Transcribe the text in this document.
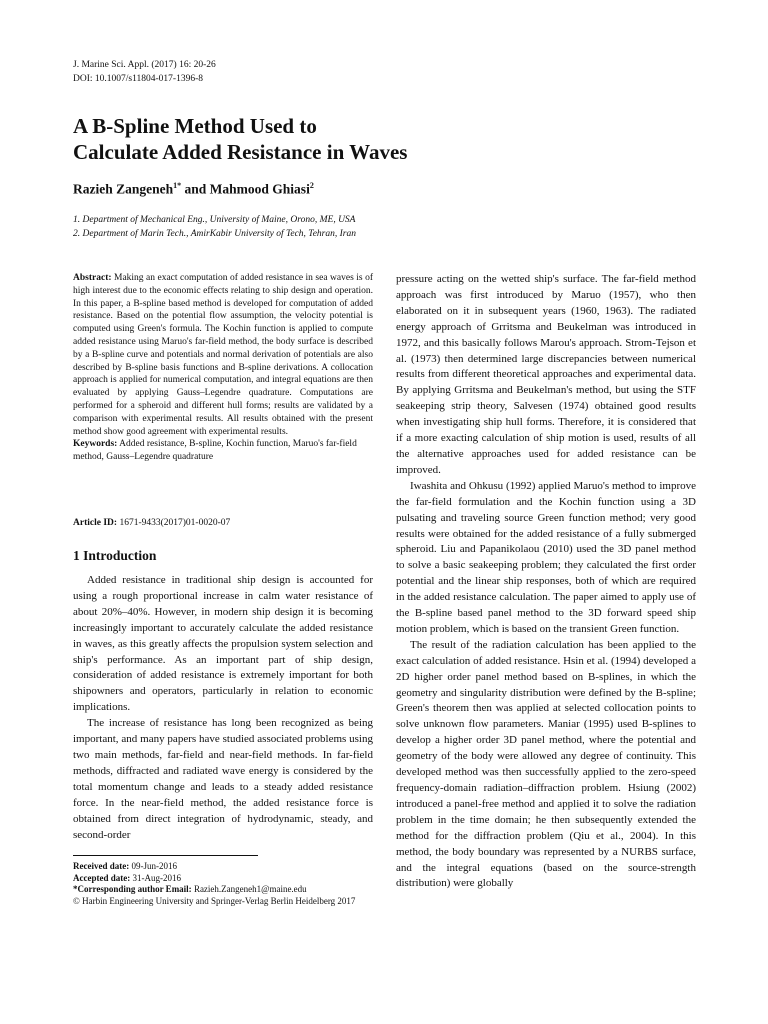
J. Marine Sci. Appl. (2017) 16: 20-26
DOI: 10.1007/s11804-017-1396-8
A B-Spline Method Used to
Calculate Added Resistance in Waves
Razieh Zangeneh$^{1*}$ and Mahmood Ghiasi$^2$
1. Department of Mechanical Eng., University of Maine, Orono, ME, USA
2. Department of Marin Tech., AmirKabir University of Tech, Tehran, Iran

Abstract: Making an exact computation of added resistance in sea waves is of high interest due to the economic effects relating to ship design and operation. In this paper, a B-spline based method is developed for computation of added resistance. Based on the potential flow assumption, the velocity potential is computed using Green's formula. The Kochin function is applied to compute added resistance using Maruo's far-field method, the body surface is described by a B-spline curve and potentials and normal derivation of potentials are also described by B-spline basis functions and B-spline derivations. A collocation approach is applied for numerical computation, and integral equations are then evaluated by applying Gauss–Legendre quadrature. Computations are performed for a spheroid and different hull forms; results are validated by a comparison with experimental results. All results obtained with the present method show good agreement with experimental results.

Keywords: Added resistance, B-spline, Kochin function, Maruo's far-field method, Gauss–Legendre quadrature

Article ID: 1671-9433(2017)01-0020-07
1 Introduction

Added resistance in traditional ship design is accounted for using a rough proportional increase in calm water resistance of about 20%–40%. However, in modern ship design it is becoming increasingly important to accurately calculate the added resistance in waves, as this greatly affects the propulsion system selection and ship's performance. As an important part of ship design, consideration of added resistance is extremely important for both shipowners and operators, particularly in relation to economic implications.

The increase of resistance has long been recognized as being important, and many papers have studied associated problems using two main methods, far-field and near-field methods. In far-field methods, diffracted and radiated wave energy is considered by the total momentum change and leads to a steady added resistance force. In the near-field method, the added resistance force is obtained from direct integration of hydrodynamic, steady, and second-order

pressure acting on the wetted ship's surface. The far-field method approach was first introduced by Maruo (1957), who then elaborated on it in subsequent years (1960, 1963). The radiated energy approach of Grritsma and Beukelman was introduced in 1972, and this basically follows Marou's approach. Strom-Tejson et al. (1973) then determined large discrepancies between numerical results from different theoretical approaches and experimental data. By applying Grritsma and Beukelman's method, but using the STF seakeeping strip theory, Salvesen (1974) obtained good results when investigating ship hull forms. Therefore, it is considered that if a more exacting calculation of ship motion is used, results of all the alternative approaches used for added resistance can be improved.

Iwashita and Ohkusu (1992) applied Maruo's method to improve the far-field formulation and the Kochin function using a 3D pulsating and traveling source Green function method; very good results were obtained for the added resistance of a fully submerged spheroid. Liu and Papanikolaou (2010) used the 3D panel method to solve a basic seakeeping problem; they calculated the first order potential and the linear ship responses, both of which are required in the added resistance calculation. The paper aimed to apply use of the B-spline based panel method to the 3D forward speed ship motion problem, which is based on the transient Green function.

The result of the radiation calculation has been applied to the exact calculation of added resistance. Hsin et al. (1994) developed a 2D higher order panel method based on B-splines, in which the geometry and singularity distribution were defined by the B-spline; Green's theorem then was applied at selected collocation points to solve unknown flow parameters. Maniar (1995) used B-splines to develop a higher order 3D panel method, where the potential and geometry of the body were allowed any degree of continuity. This developed method was then successfully applied to the zero-speed frequency-domain radiation–diffraction problem. Hsiung (2002) introduced a panel-free method and applied it to solve the radiation problem in the time domain; he then subsequently extended the method for the diffraction problem (Qiu et al., 2004). In this method, the body boundary was represented by a NURBS surface, and the integral equations (based on the source-strength distribution) were globally

Received date: 09-Jun-2016
Accepted date: 31-Aug-2016
*Corresponding author Email: Razieh.Zangeneh1@maine.edu
© Harbin Engineering University and Springer-Verlag Berlin Heidelberg 2017
